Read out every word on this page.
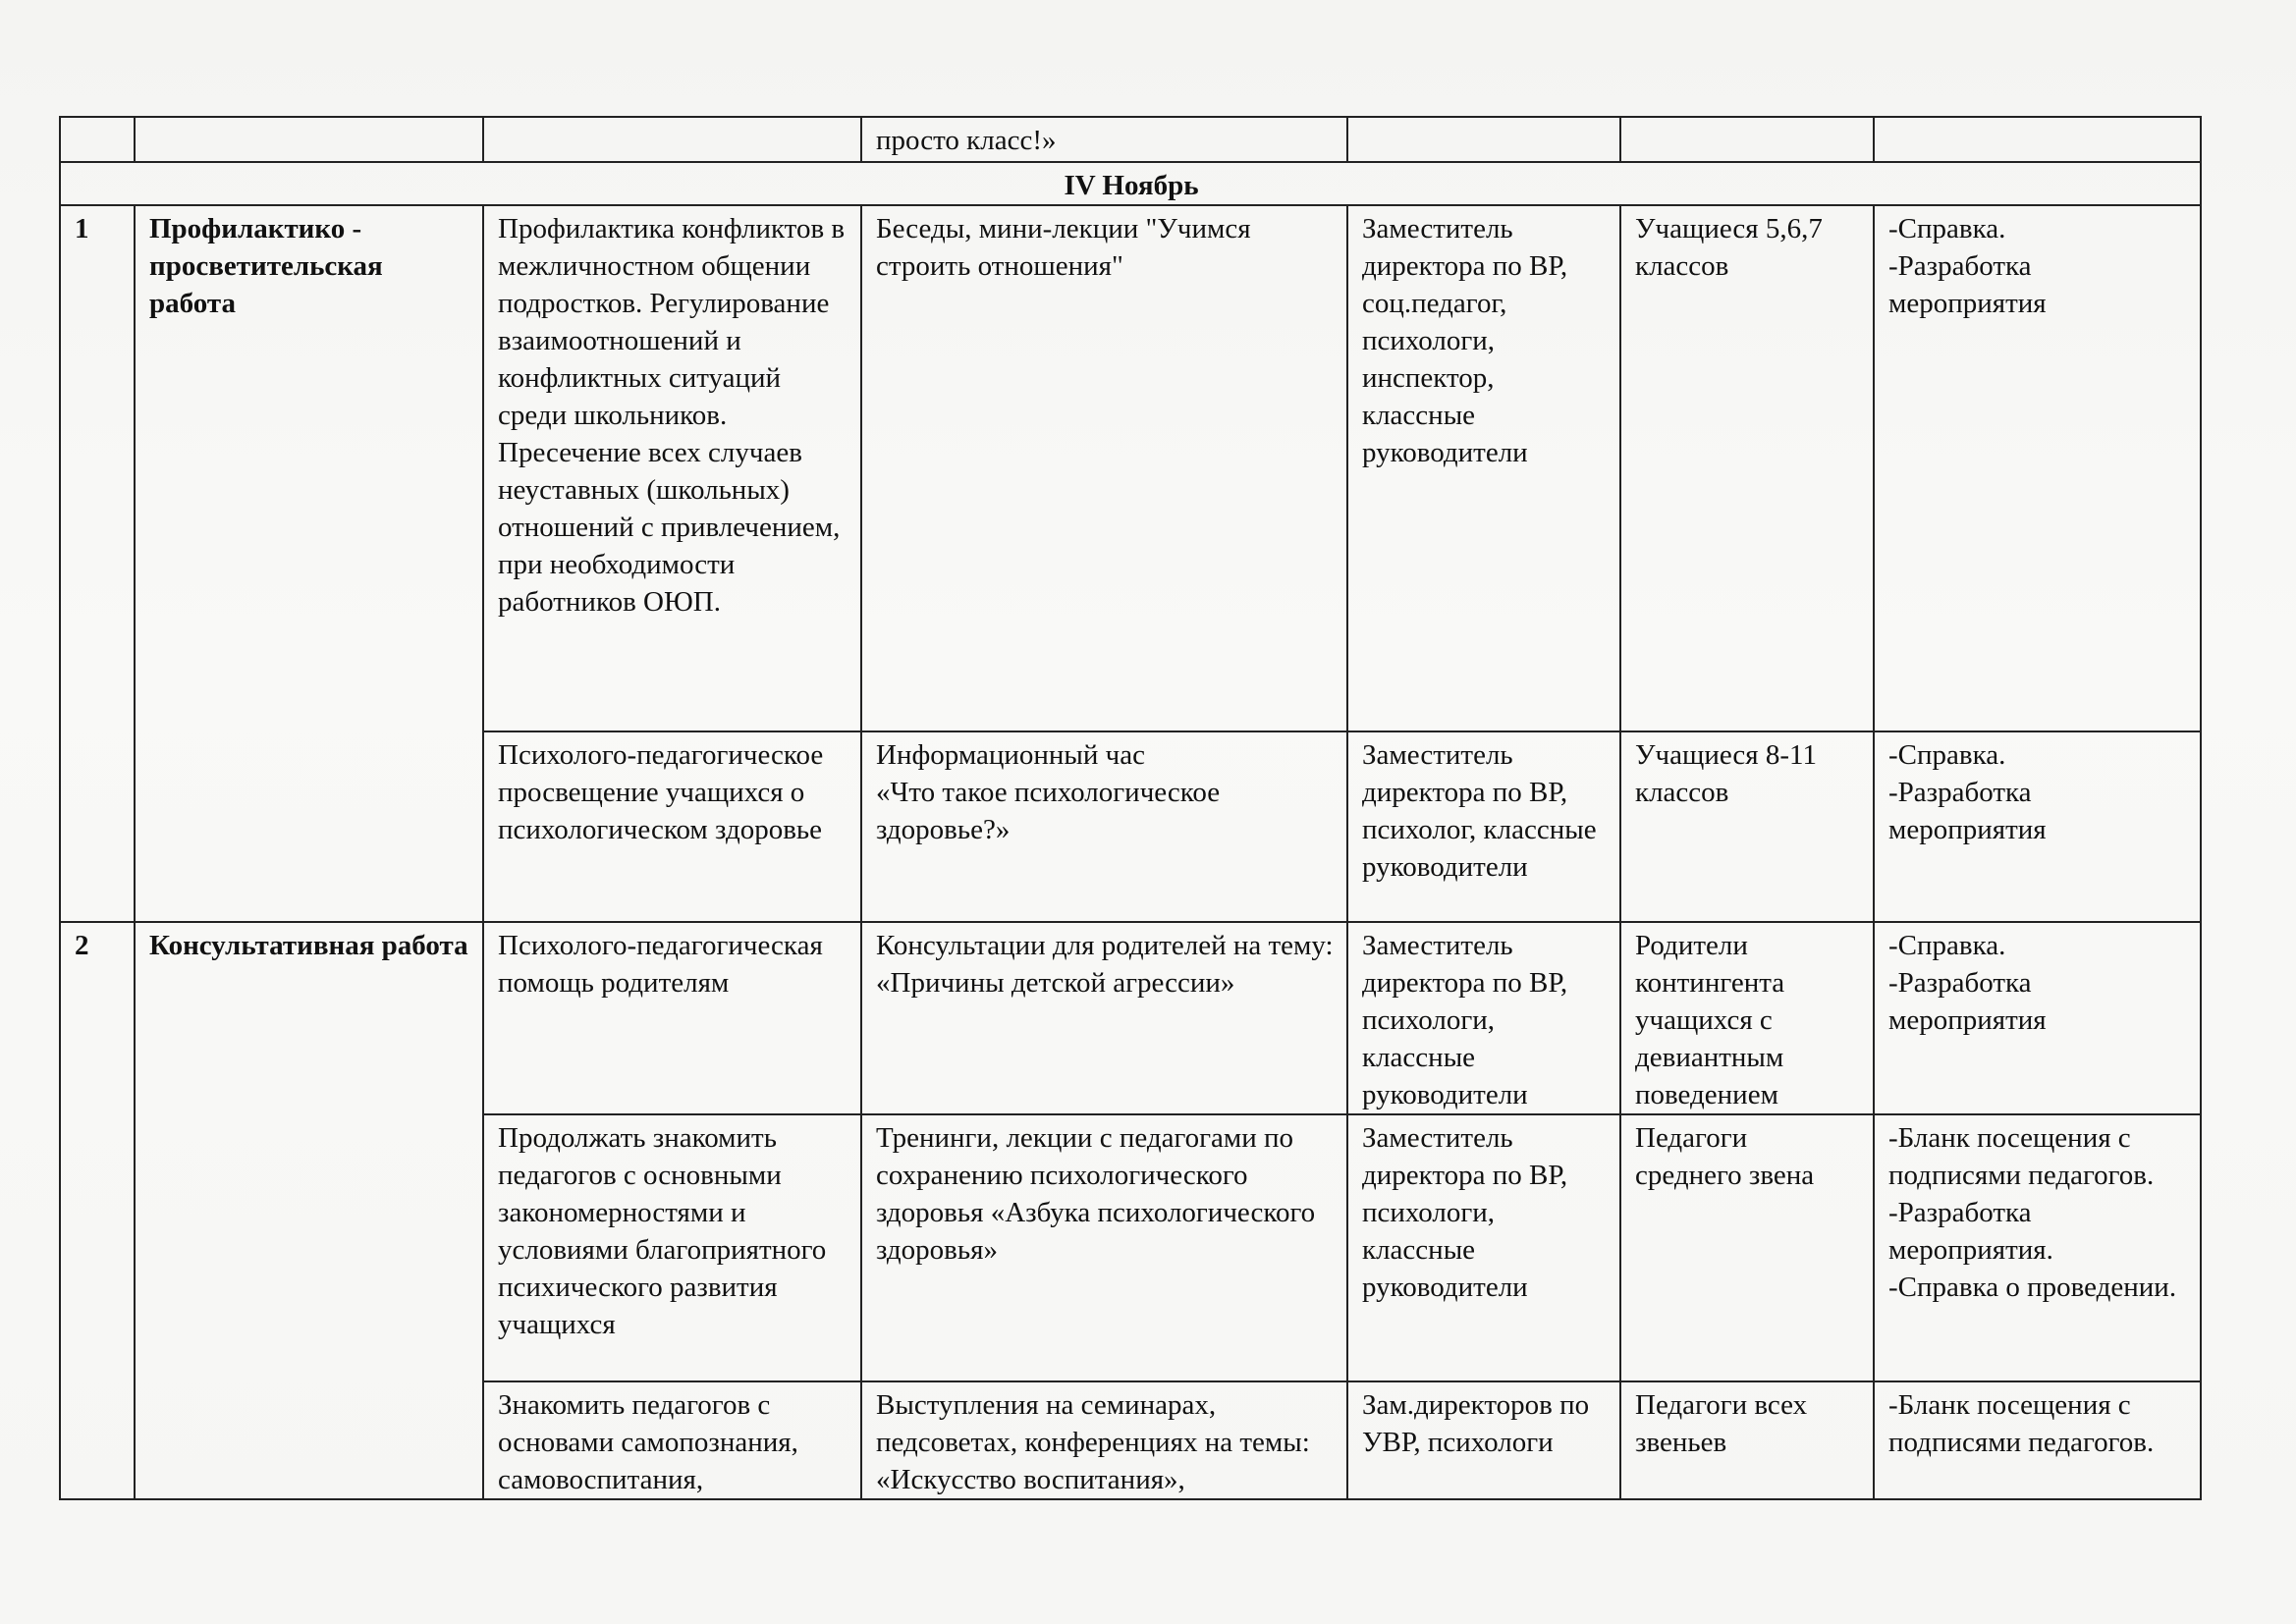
			просто класс!»			
IV Ноябрь						
1	Профилактико - просветительская работа	Профилактика конфликтов в межличностном общении подростков. Регулирование взаимоотношений и конфликтных ситуаций среди школьников. Пресечение всех случаев неуставных (школьных) отношений с привлечением, при необходимости работников ОЮП.	Беседы, мини-лекции "Учимся строить отношения"	Заместитель директора по ВР, соц.педагог, психологи, инспектор, классные руководители	Учащиеся 5,6,7 классов	-Справка.
-Разработка мероприятия
		Психолого-педагогическое просвещение учащихся о психологическом здоровье	Информационный час
«Что такое психологическое здоровье?»	Заместитель директора по ВР, психолог, классные руководители	Учащиеся 8-11 классов	-Справка.
-Разработка мероприятия
2	Консультативная работа	Психолого-педагогическая помощь родителям	Консультации для родителей на тему: «Причины детской агрессии»	Заместитель директора по ВР, психологи, классные руководители	Родители контингента учащихся с девиантным поведением	-Справка.
-Разработка мероприятия
		Продолжать знакомить педагогов с основными закономерностями и условиями благоприятного психического развития учащихся	Тренинги, лекции с педагогами по сохранению психологического здоровья «Азбука психологического здоровья»	Заместитель директора по ВР, психологи, классные руководители	Педагоги среднего звена	-Бланк посещения с подписями педагогов.
-Разработка мероприятия.
-Справка о проведении.
		Знакомить педагогов с основами самопознания, самовоспитания,	Выступления на семинарах, педсоветах, конференциях на темы: «Искусство воспитания»,	Зам.директоров по УВР, психологи	Педагоги всех звеньев	-Бланк посещения с подписями педагогов.
